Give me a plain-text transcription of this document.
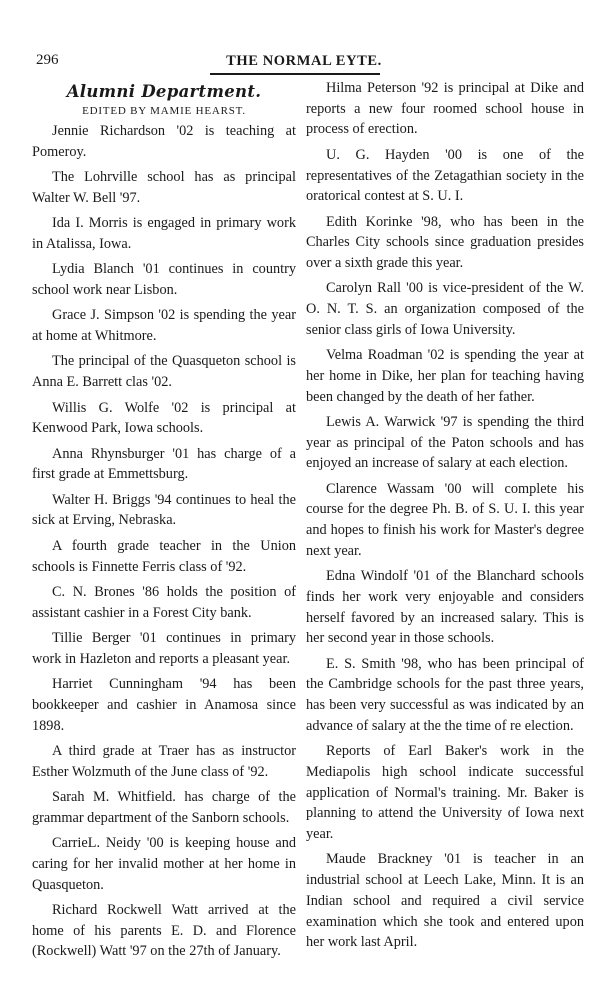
296	THE NORMAL EYTE.
Alumni Department.
EDITED BY MAMIE HEARST.

Jennie Richardson '02 is teaching at Pomeroy.

The Lohrville school has as principal Walter W. Bell '97.

Ida I. Morris is engaged in primary work in Atalissa, Iowa.

Lydia Blanch '01 continues in country school work near Lisbon.

Grace J. Simpson '02 is spending the year at home at Whitmore.

The principal of the Quasqueton school is Anna E. Barrett clas '02.

Willis G. Wolfe '02 is principal at Kenwood Park, Iowa schools.

Anna Rhynsburger '01 has charge of a first grade at Emmettsburg.

Walter H. Briggs '94 continues to heal the sick at Erving, Nebraska.

A fourth grade teacher in the Union schools is Finnette Ferris class of '92.

C. N. Brones '86 holds the position of assistant cashier in a Forest City bank.

Tillie Berger '01 continues in primary work in Hazleton and reports a pleasant year.

Harriet Cunningham '94 has been bookkeeper and cashier in Anamosa since 1898.

A third grade at Traer has as instructor Esther Wolzmuth of the June class of '92.

Sarah M. Whitfield. has charge of the grammar department of the Sanborn schools.

CarrieL. Neidy '00 is keeping house and caring for her invalid mother at her home in Quasqueton.

Richard Rockwell Watt arrived at the home of his parents E. D. and Florence (Rockwell) Watt '97 on the 27th of January.

Hilma Peterson '92 is principal at Dike and reports a new four roomed school house in process of erection.

U. G. Hayden '00 is one of the representatives of the Zetagathian society in the oratorical contest at S. U. I.

Edith Korinke '98, who has been in the Charles City schools since graduation presides over a sixth grade this year.

Carolyn Rall '00 is vice-president of the W. O. N. T. S. an organization composed of the senior class girls of Iowa University.

Velma Roadman '02 is spending the year at her home in Dike, her plan for teaching having been changed by the death of her father.

Lewis A. Warwick '97 is spending the third year as principal of the Paton schools and has enjoyed an increase of salary at each election.

Clarence Wassam '00 will complete his course for the degree Ph. B. of S. U. I. this year and hopes to finish his work for Master's degree next year.

Edna Windolf '01 of the Blanchard schools finds her work very enjoyable and considers herself favored by an increased salary. This is her second year in those schools.

E. S. Smith '98, who has been principal of the Cambridge schools for the past three years, has been very successful as was indicated by an advance of salary at the the time of re election.

Reports of Earl Baker's work in the Mediapolis high school indicate successful application of Normal's training. Mr. Baker is planning to attend the University of Iowa next year.

Maude Brackney '01 is teacher in an industrial school at Leech Lake, Minn. It is an Indian school and required a civil service examination which she took and entered upon her work last April.
